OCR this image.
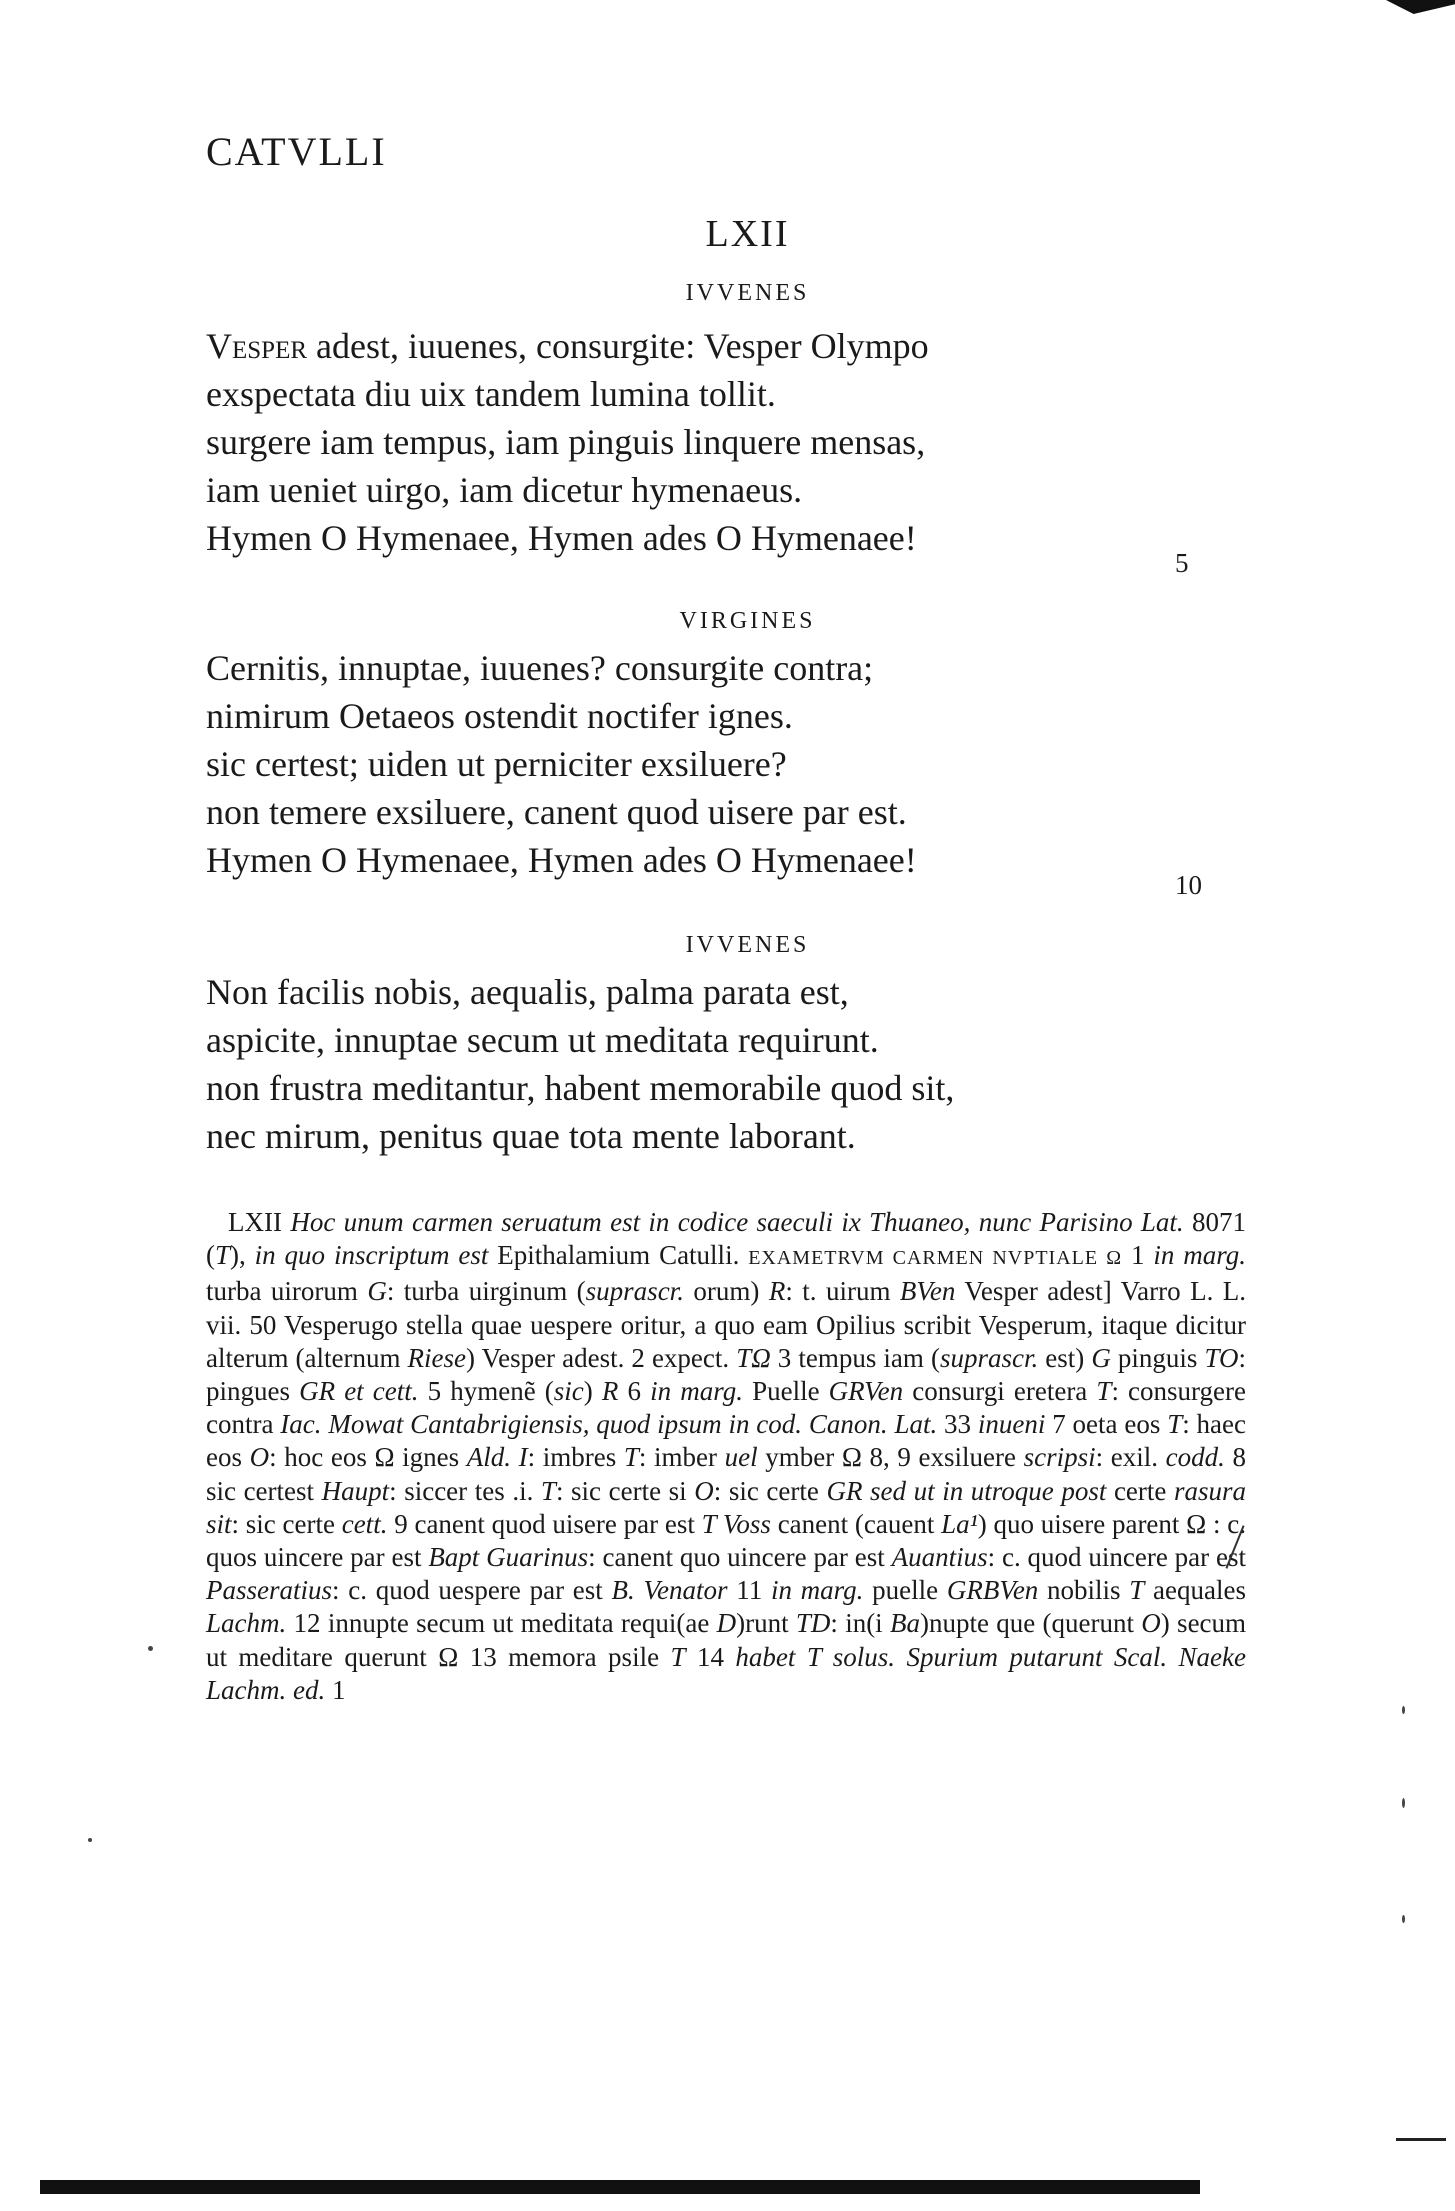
CATVLLI
LXII
IVVENES
Vesper adest, iuuenes, consurgite: Vesper Olympo
exspectata diu uix tandem lumina tollit.
surgere iam tempus, iam pinguis linquere mensas,
iam ueniet uirgo, iam dicetur hymenaeus.
Hymen O Hymenaee, Hymen ades O Hymenaee!
5
VIRGINES
Cernitis, innuptae, iuuenes? consurgite contra;
nimirum Oetaeos ostendit noctifer ignes.
sic certest; uiden ut perniciter exsiluere?
non temere exsiluere, canent quod uisere par est.
Hymen O Hymenaee, Hymen ades O Hymenaee!
10
IVVENES
Non facilis nobis, aequalis, palma parata est,
aspicite, innuptae secum ut meditata requirunt.
non frustra meditantur, habent memorabile quod sit,
nec mirum, penitus quae tota mente laborant.

LXII Hoc unum carmen seruatum est in codice saeculi ix Thuaneo, nunc Parisino Lat. 8071 (T), in quo inscriptum est Epithalamium Catulli. EXAMETRVM CARMEN NVPTIALE Ω 1 in marg. turba uirorum G: turba uirginum (suprascr. orum) R: t. uirum BVen Vesper adest] Varro L. L. vii. 50 Vesperugo stella quae uespere oritur, a quo eam Opilius scribit Vesperum, itaque dicitur alterum (alternum Riese) Vesper adest. 2 expect. TΩ 3 tempus iam (suprascr. est) G pinguis TO: pingues GR et cett. 5 hymenẽ (sic) R 6 in marg. Puelle GRVen consurgi eretera T: consurgere contra Iac. Mowat Cantabrigiensis, quod ipsum in cod. Canon. Lat. 33 inueni 7 oeta eos T: haec eos O: hoc eos Ω ignes Ald. I: imbres T: imber uel ymber Ω 8, 9 exsiluere scripsi: exil. codd. 8 sic certest Haupt: siccer tes .i. T: sic certe si O: sic certe GR sed ut in utroque post certe rasura sit: sic certe cett. 9 canent quod uisere par est T Voss canent (cauent La¹) quo uisere parent Ω : c. quos uincere par est Bapt Guarinus: canent quo uincere par est Auantius: c. quod uincere par est Passeratius: c. quod uespere par est B. Venator 11 in marg. puelle GRBVen nobilis T aequales Lachm. 12 innupte secum ut meditata requi(ae D)runt TD: in(i Ba)nupte que (querunt O) secum ut meditare querunt Ω 13 memora psile T 14 habet T solus. Spurium putarunt Scal. Naeke Lachm. ed. 1
